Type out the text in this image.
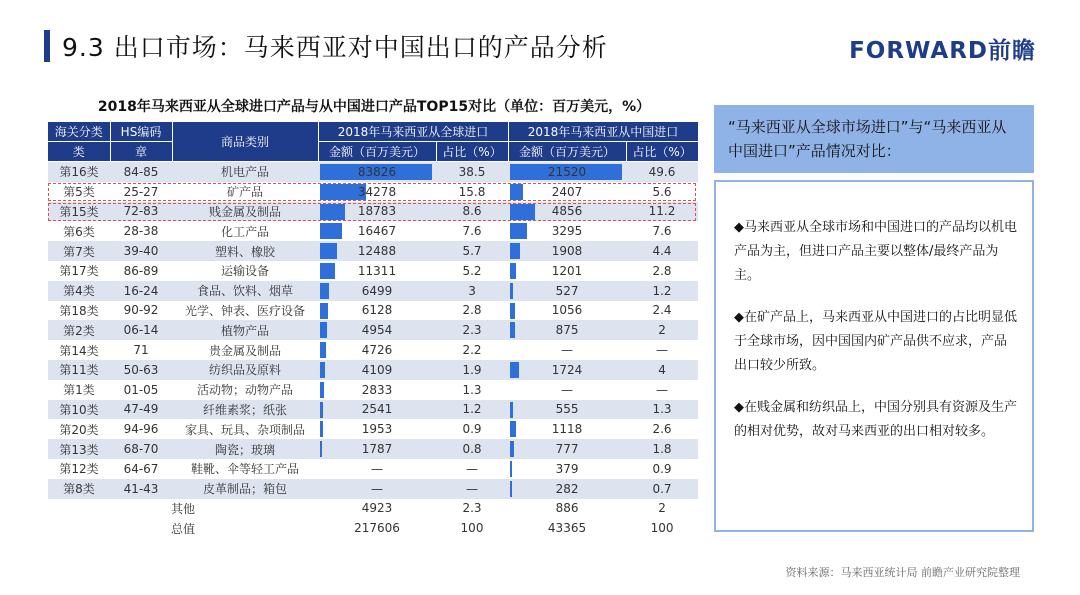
9.3 出口市场：马来西亚对中国出口的产品分析	FORWARD前瞻
2018年马来西亚从全球进口产品与从中国进口产品TOP15对比（单位：百万美元，%）
海关分类	HS编码	商品类别	2018年马来西亚从全球进口		2018年马来西亚从中国进口	
类	章		金额（百万美元）	占比（%）	金额（百万美元）	占比（%）
第16类	84-85	机电产品	83826	38.5	21520	49.6
第5类	25-27	矿产品	34278	15.8	2407	5.6
第15类	72-83	贱金属及制品	18783	8.6	4856	11.2
第6类	28-38	化工产品	16467	7.6	3295	7.6
第7类	39-40	塑料、橡胶	12488	5.7	1908	4.4
第17类	86-89	运输设备	11311	5.2	1201	2.8
第4类	16-24	食品、饮料、烟草	6499	3	527	1.2
第18类	90-92	光学、钟表、医疗设备	6128	2.8	1056	2.4
第2类	06-14	植物产品	4954	2.3	875	2
第14类	71	贵金属及制品	4726	2.2	—	—
第11类	50-63	纺织品及原料	4109	1.9	1724	4
第1类	01-05	活动物；动物产品	2833	1.3	—	—
第10类	47-49	纤维素浆；纸张	2541	1.2	555	1.3
第20类	94-96	家具、玩具、杂项制品	1953	0.9	1118	2.6
第13类	68-70	陶瓷；玻璃	1787	0.8	777	1.8
第12类	64-67	鞋靴、伞等轻工产品	—	—	379	0.9
第8类	41-43	皮革制品；箱包	—	—	282	0.7
其他			4923	2.3	886	2
总值			217606	100	43365	100
“马来西亚从全球市场进口”与“马来西亚从中国进口”产品情况对比：
◆马来西亚从全球市场和中国进口的产品均以机电产品为主，但进口产品主要以整体/最终产品为主。
◆在矿产品上，马来西亚从中国进口的占比明显低于全球市场，因中国国内矿产品供不应求，产品出口较少所致。
◆在贱金属和纺织品上，中国分别具有资源及生产的相对优势，故对马来西亚的出口相对较多。
资料来源：马来西亚统计局 前瞻产业研究院整理
